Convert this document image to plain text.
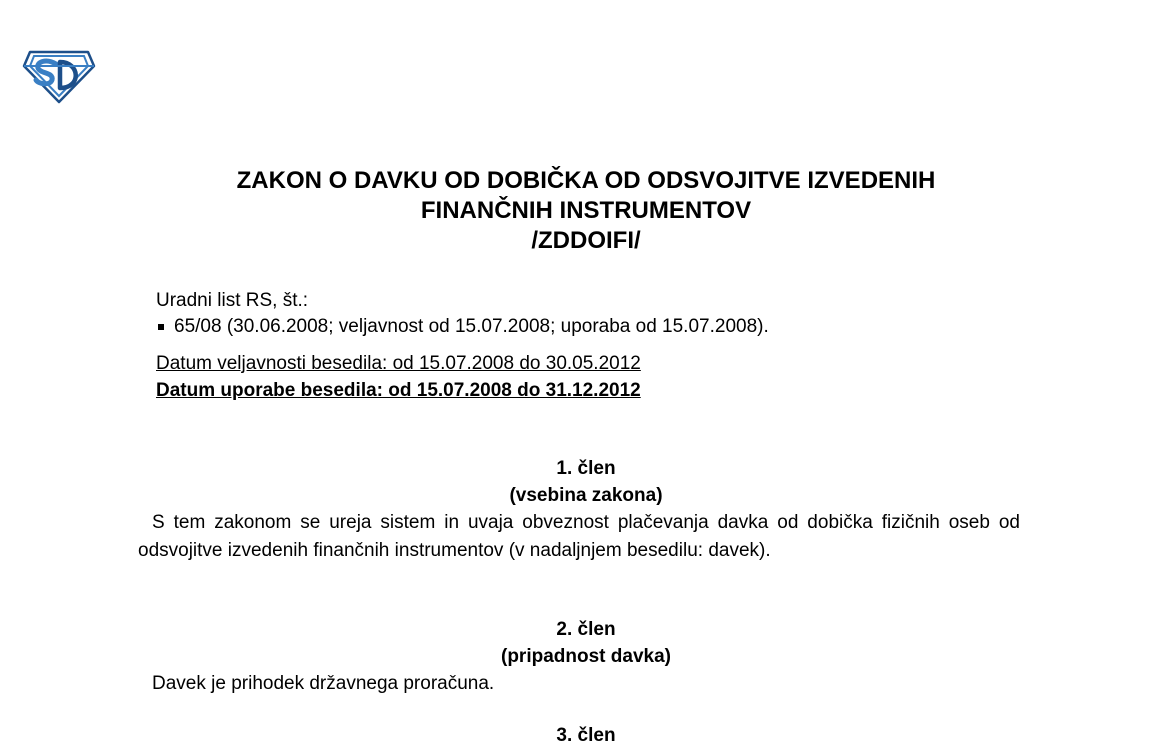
ZAKON O DAVKU OD DOBIČKA OD ODSVOJITVE IZVEDENIH
FINANČNIH INSTRUMENTOV
/ZDDOIFI/
Uradni list RS, št.:
65/08 (30.06.2008; veljavnost od 15.07.2008; uporaba od 15.07.2008).
Datum veljavnosti besedila: od 15.07.2008 do 30.05.2012
Datum uporabe besedila: od 15.07.2008 do 31.12.2012
1. člen
(vsebina zakona)
S tem zakonom se ureja sistem in uvaja obveznost plačevanja davka od dobička fizičnih oseb od odsvojitve izvedenih finančnih instrumentov (v nadaljnjem besedilu: davek).
2. člen
(pripadnost davka)
Davek je prihodek državnega proračuna.
3. člen
